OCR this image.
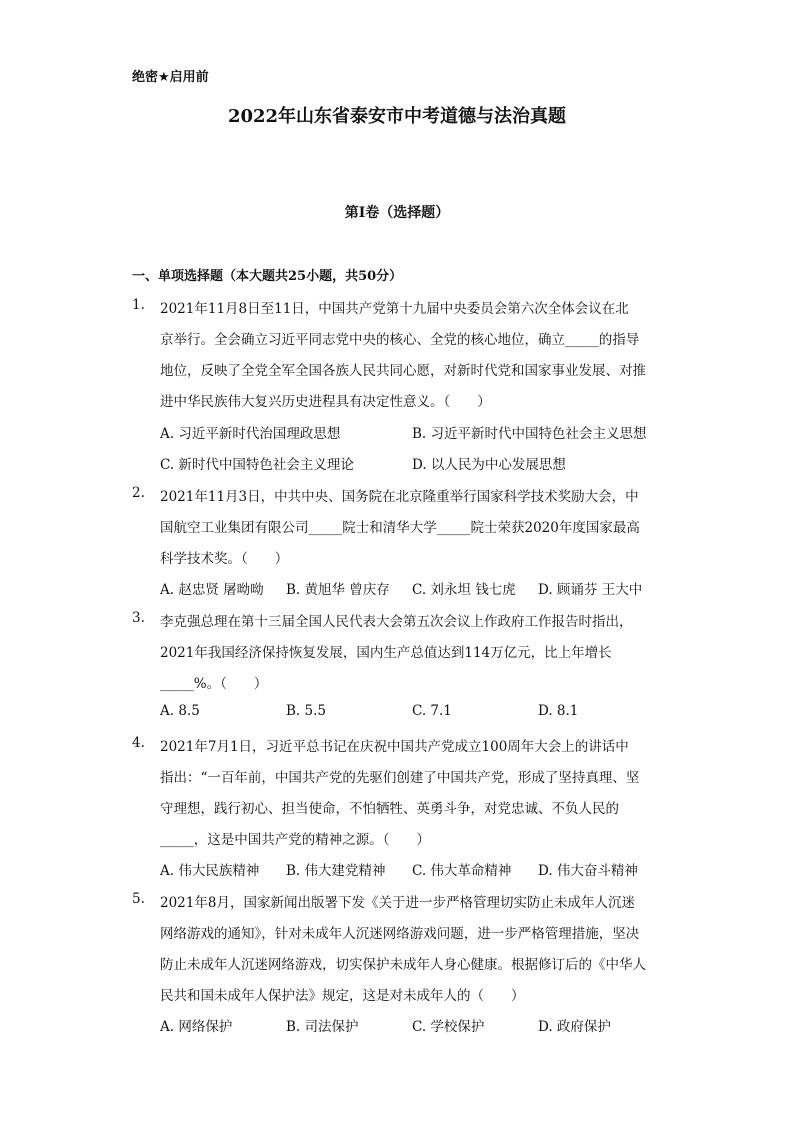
绝密★启用前
2022年山东省泰安市中考道德与法治真题
第I卷（选择题）
一、单项选择题（本大题共25小题，共50分）
1.	2021年11月8日至11日，中国共产党第十九届中央委员会第六次全体会议在北
京举行。全会确立习近平同志党中央的核心、全党的核心地位，确立_____的指导
地位，反映了全党全军全国各族人民共同心愿，对新时代党和国家事业发展、对推
进中华民族伟大复兴历史进程具有决定性意义。（　　）
A. 习近平新时代治国理政思想	B. 习近平新时代中国特色社会主义思想
C. 新时代中国特色社会主义理论	D. 以人民为中心发展思想
2.	2021年11月3日，中共中央、国务院在北京隆重举行国家科学技术奖励大会，中
国航空工业集团有限公司_____院士和清华大学_____院士荣获2020年度国家最高
科学技术奖。（　　）
A. 赵忠贤 屠呦呦 B. 黄旭华 曾庆存 C. 刘永坦 钱七虎 D. 顾诵芬 王大中
3.	李克强总理在第十三届全国人民代表大会第五次会议上作政府工作报告时指出，
2021年我国经济保持恢复发展，国内生产总值达到114万亿元，比上年增长
_____%。（　　）
A. 8.5	B. 5.5	C. 7.1	D. 8.1
4.	2021年7月1日，习近平总书记在庆祝中国共产党成立100周年大会上的讲话中
指出：“一百年前，中国共产党的先驱们创建了中国共产党，形成了坚持真理、坚
守理想，践行初心、担当使命，不怕牺牲、英勇斗争，对党忠诚、不负人民的
_____，这是中国共产党的精神之源。（　　）
A. 伟大民族精神 B. 伟大建党精神 C. 伟大革命精神 D. 伟大奋斗精神
5.	2021年8月，国家新闻出版署下发《关于进一步严格管理切实防止未成年人沉迷
网络游戏的通知》，针对未成年人沉迷网络游戏问题，进一步严格管理措施，坚决
防止未成年人沉迷网络游戏，切实保护未成年人身心健康。根据修订后的《中华人
民共和国未成年人保护法》规定，这是对未成年人的（　　）
A. 网络保护	B. 司法保护	C. 学校保护	D. 政府保护
